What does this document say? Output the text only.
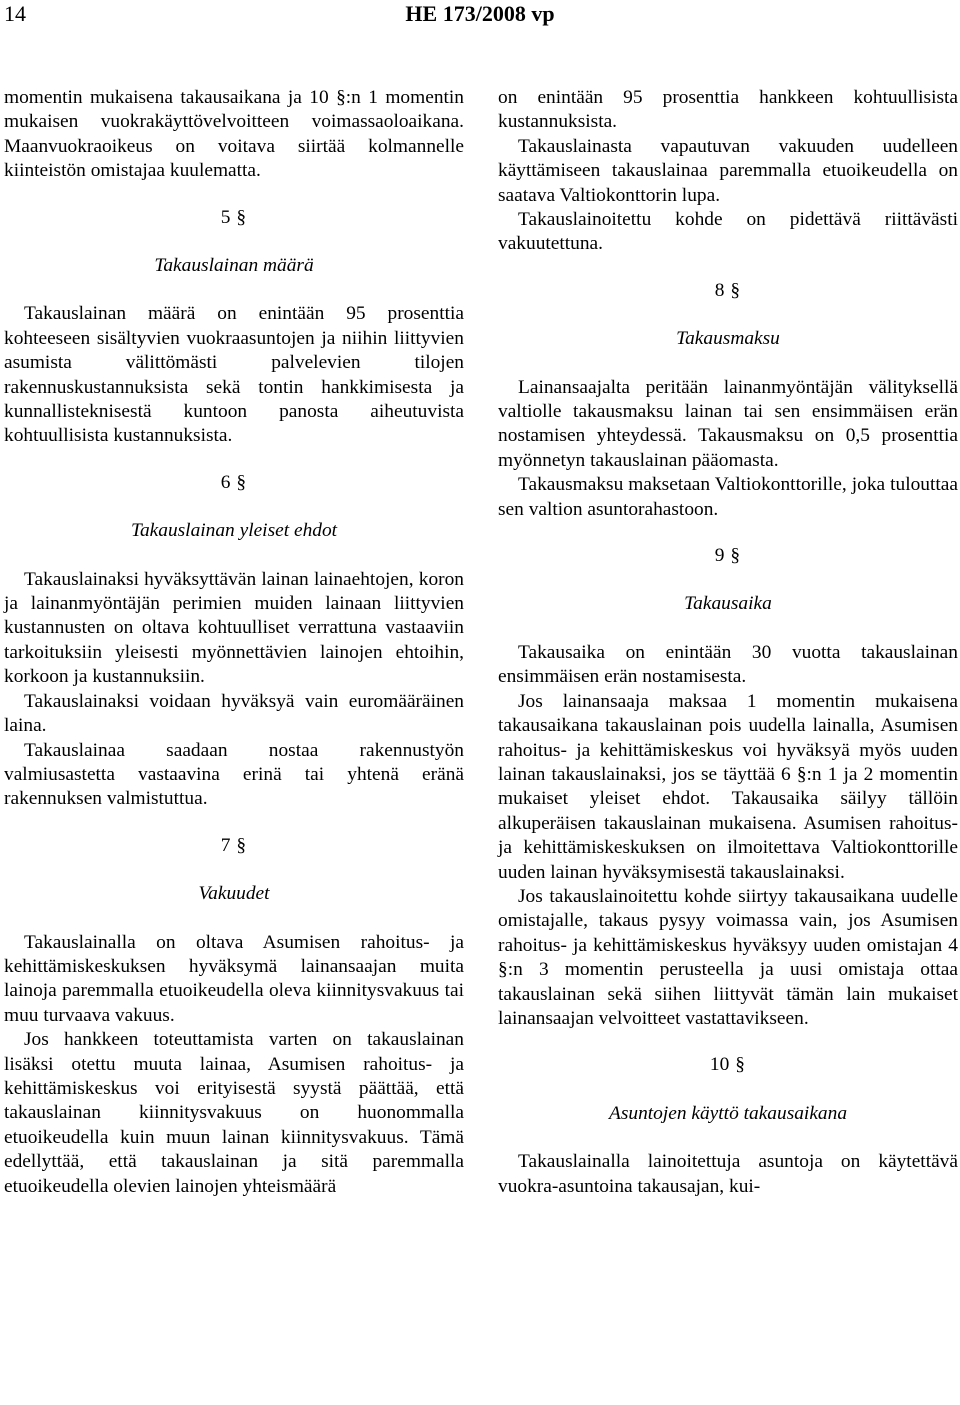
14	HE 173/2008 vp

momentin mukaisena takausaikana ja 10 §:n 1 momentin mukaisen vuokrakäyttövelvoitteen voimassaoloaikana. Maanvuokraoikeus on voitava siirtää kolmannelle kiinteistön omistajaa kuulematta.

5 §
Takauslainan määrä

Takauslainan määrä on enintään 95 prosenttia kohteeseen sisältyvien vuokraasuntojen ja niihin liittyvien asumista välittömästi palvelevien tilojen rakennuskustannuksista sekä tontin hankkimisesta ja kunnallisteknisestä kuntoon panosta aiheutuvista kohtuullisista kustannuksista.

6 §
Takauslainan yleiset ehdot

Takauslainaksi hyväksyttävän lainan lainaehtojen, koron ja lainanmyöntäjän perimien muiden lainaan liittyvien kustannusten on oltava kohtuulliset verrattuna vastaaviin tarkoituksiin yleisesti myönnettävien lainojen ehtoihin, korkoon ja kustannuksiin.

Takauslainaksi voidaan hyväksyä vain euromääräinen laina.

Takauslainaa saadaan nostaa rakennustyön valmiusastetta vastaavina erinä tai yhtenä eränä rakennuksen valmistuttua.

7 §
Vakuudet

Takauslainalla on oltava Asumisen rahoitus- ja kehittämiskeskuksen hyväksymä lainansaajan muita lainoja paremmalla etuoikeudella oleva kiinnitysvakuus tai muu turvaava vakuus.

Jos hankkeen toteuttamista varten on takauslainan lisäksi otettu muuta lainaa, Asumisen rahoitus- ja kehittämiskeskus voi erityisestä syystä päättää, että takauslainan kiinnitysvakuus on huonommalla etuoikeudella kuin muun lainan kiinnitysvakuus. Tämä edellyttää, että takauslainan ja sitä paremmalla etuoikeudella olevien lainojen yhteismäärä

on enintään 95 prosenttia hankkeen kohtuullisista kustannuksista.

Takauslainasta vapautuvan vakuuden uudelleen käyttämiseen takauslainaa paremmalla etuoikeudella on saatava Valtiokonttorin lupa.

Takauslainoitettu kohde on pidettävä riittävästi vakuutettuna.

8 §
Takausmaksu

Lainansaajalta peritään lainanmyöntäjän välityksellä valtiolle takausmaksu lainan tai sen ensimmäisen erän nostamisen yhteydessä. Takausmaksu on 0,5 prosenttia myönnetyn takauslainan pääomasta.

Takausmaksu maksetaan Valtiokonttorille, joka tulouttaa sen valtion asuntorahastoon.

9 §
Takausaika

Takausaika on enintään 30 vuotta takauslainan ensimmäisen erän nostamisesta.

Jos lainansaaja maksaa 1 momentin mukaisena takausaikana takauslainan pois uudella lainalla, Asumisen rahoitus- ja kehittämiskeskus voi hyväksyä myös uuden lainan takauslainaksi, jos se täyttää 6 §:n 1 ja 2 momentin mukaiset yleiset ehdot. Takausaika säilyy tällöin alkuperäisen takauslainan mukaisena. Asumisen rahoitus- ja kehittämiskeskuksen on ilmoitettava Valtiokonttorille uuden lainan hyväksymisestä takauslainaksi.

Jos takauslainoitettu kohde siirtyy takausaikana uudelle omistajalle, takaus pysyy voimassa vain, jos Asumisen rahoitus- ja kehittämiskeskus hyväksyy uuden omistajan 4 §:n 3 momentin perusteella ja uusi omistaja ottaa takauslainan sekä siihen liittyvät tämän lain mukaiset lainansaajan velvoitteet vastattavikseen.

10 §
Asuntojen käyttö takausaikana

Takauslainalla lainoitettuja asuntoja on käytettävä vuokra-asuntoina takausajan, kui-
